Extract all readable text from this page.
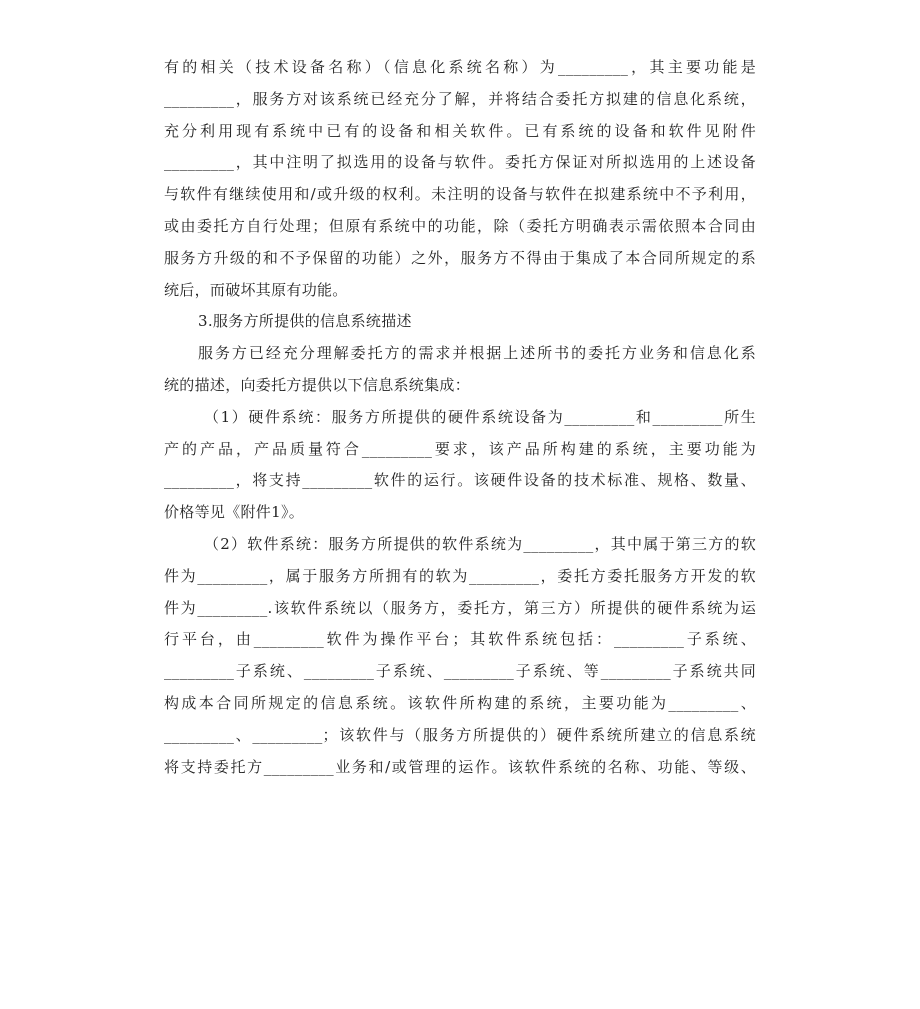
有的相关（技术设备名称）（信息化系统名称）为_________，其主要功能是
_________，服务方对该系统已经充分了解，并将结合委托方拟建的信息化系统，
充分利用现有系统中已有的设备和相关软件。已有系统的设备和软件见附件
_________，其中注明了拟选用的设备与软件。委托方保证对所拟选用的上述设备
与软件有继续使用和/或升级的权利。未注明的设备与软件在拟建系统中不予利用，
或由委托方自行处理；但原有系统中的功能，除（委托方明确表示需依照本合同由
服务方升级的和不予保留的功能）之外，服务方不得由于集成了本合同所规定的系
统后，而破坏其原有功能。
3.服务方所提供的信息系统描述
服务方已经充分理解委托方的需求并根据上述所书的委托方业务和信息化系
统的描述，向委托方提供以下信息系统集成：
（1）硬件系统：服务方所提供的硬件系统设备为_________和_________所生
产的产品，产品质量符合_________要求，该产品所构建的系统，主要功能为
_________，将支持_________软件的运行。该硬件设备的技术标准、规格、数量、
价格等见《附件1》。
（2）软件系统：服务方所提供的软件系统为_________，其中属于第三方的软
件为_________，属于服务方所拥有的软为_________，委托方委托服务方开发的软
件为_________.该软件系统以（服务方，委托方，第三方）所提供的硬件系统为运
行平台，由_________软件为操作平台；其软件系统包括：_________子系统、
_________子系统、_________子系统、_________子系统、等_________子系统共同
构成本合同所规定的信息系统。该软件所构建的系统，主要功能为_________、
_________、_________；该软件与（服务方所提供的）硬件系统所建立的信息系统
将支持委托方_________业务和/或管理的运作。该软件系统的名称、功能、等级、
